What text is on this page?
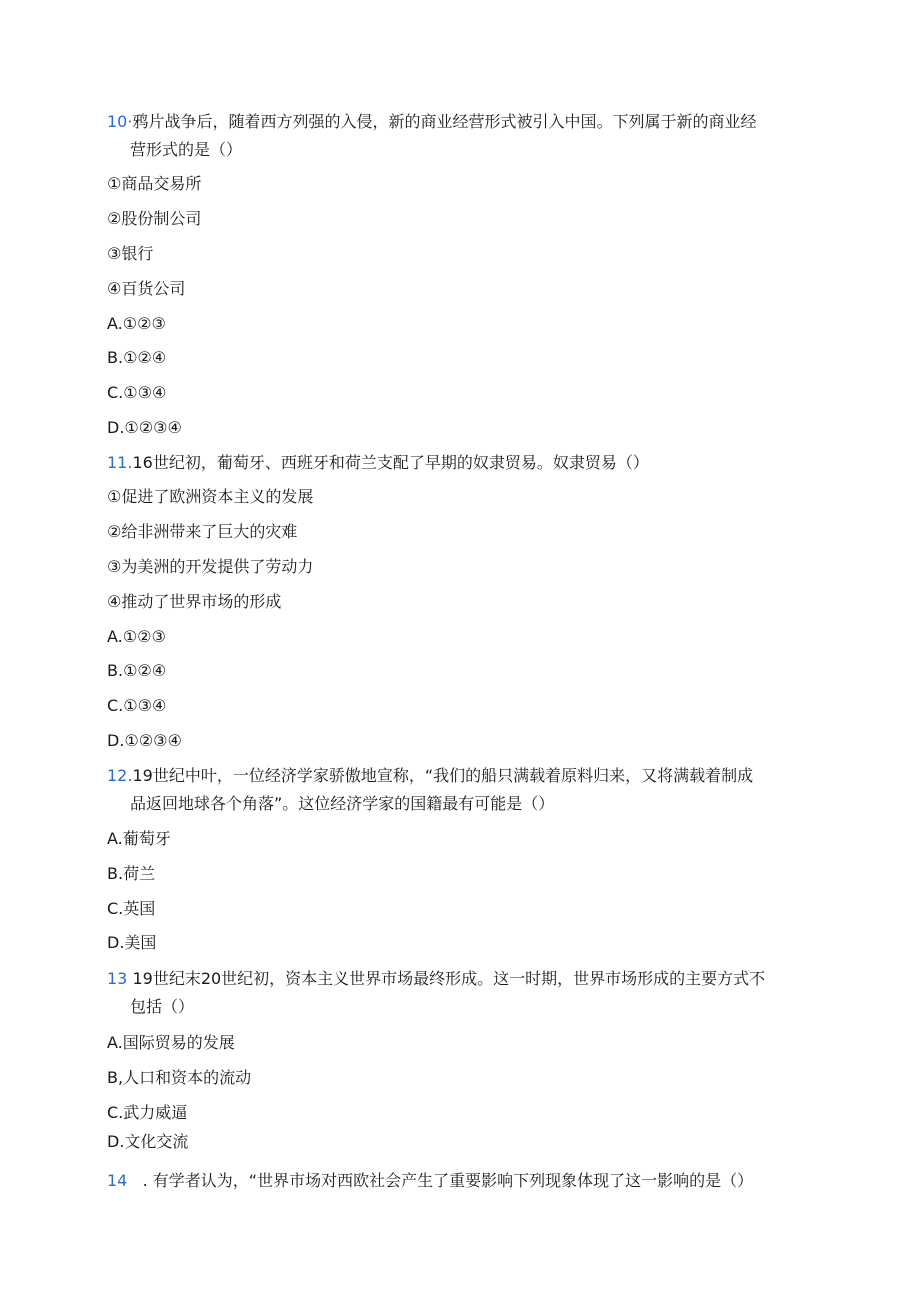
10·鸦片战争后，随着西方列强的入侵，新的商业经营形式被引入中国。下列属于新的商业经
营形式的是（）
①商品交易所
②股份制公司
③银行
④百货公司
A.①②③
B.①②④
C.①③④
D.①②③④
11.16世纪初，葡萄牙、西班牙和荷兰支配了早期的奴隶贸易。奴隶贸易（）
①促进了欧洲资本主义的发展
②给非洲带来了巨大的灾难
③为美洲的开发提供了劳动力
④推动了世界市场的形成
A.①②③
B.①②④
C.①③④
D.①②③④
12.19世纪中叶，一位经济学家骄傲地宣称，“我们的船只满载着原料归来，又将满载着制成
品返回地球各个角落”。这位经济学家的国籍最有可能是（）
A.葡萄牙
B.荷兰
C.英国
D.美国
13 19世纪末20世纪初，资本主义世界市场最终形成。这一时期，世界市场形成的主要方式不
包括（）
A.国际贸易的发展
B,人口和资本的流动
C.武力威逼
D.文化交流
14 . 有学者认为，“世界市场对西欧社会产生了重要影响下列现象体现了这一影响的是（）
